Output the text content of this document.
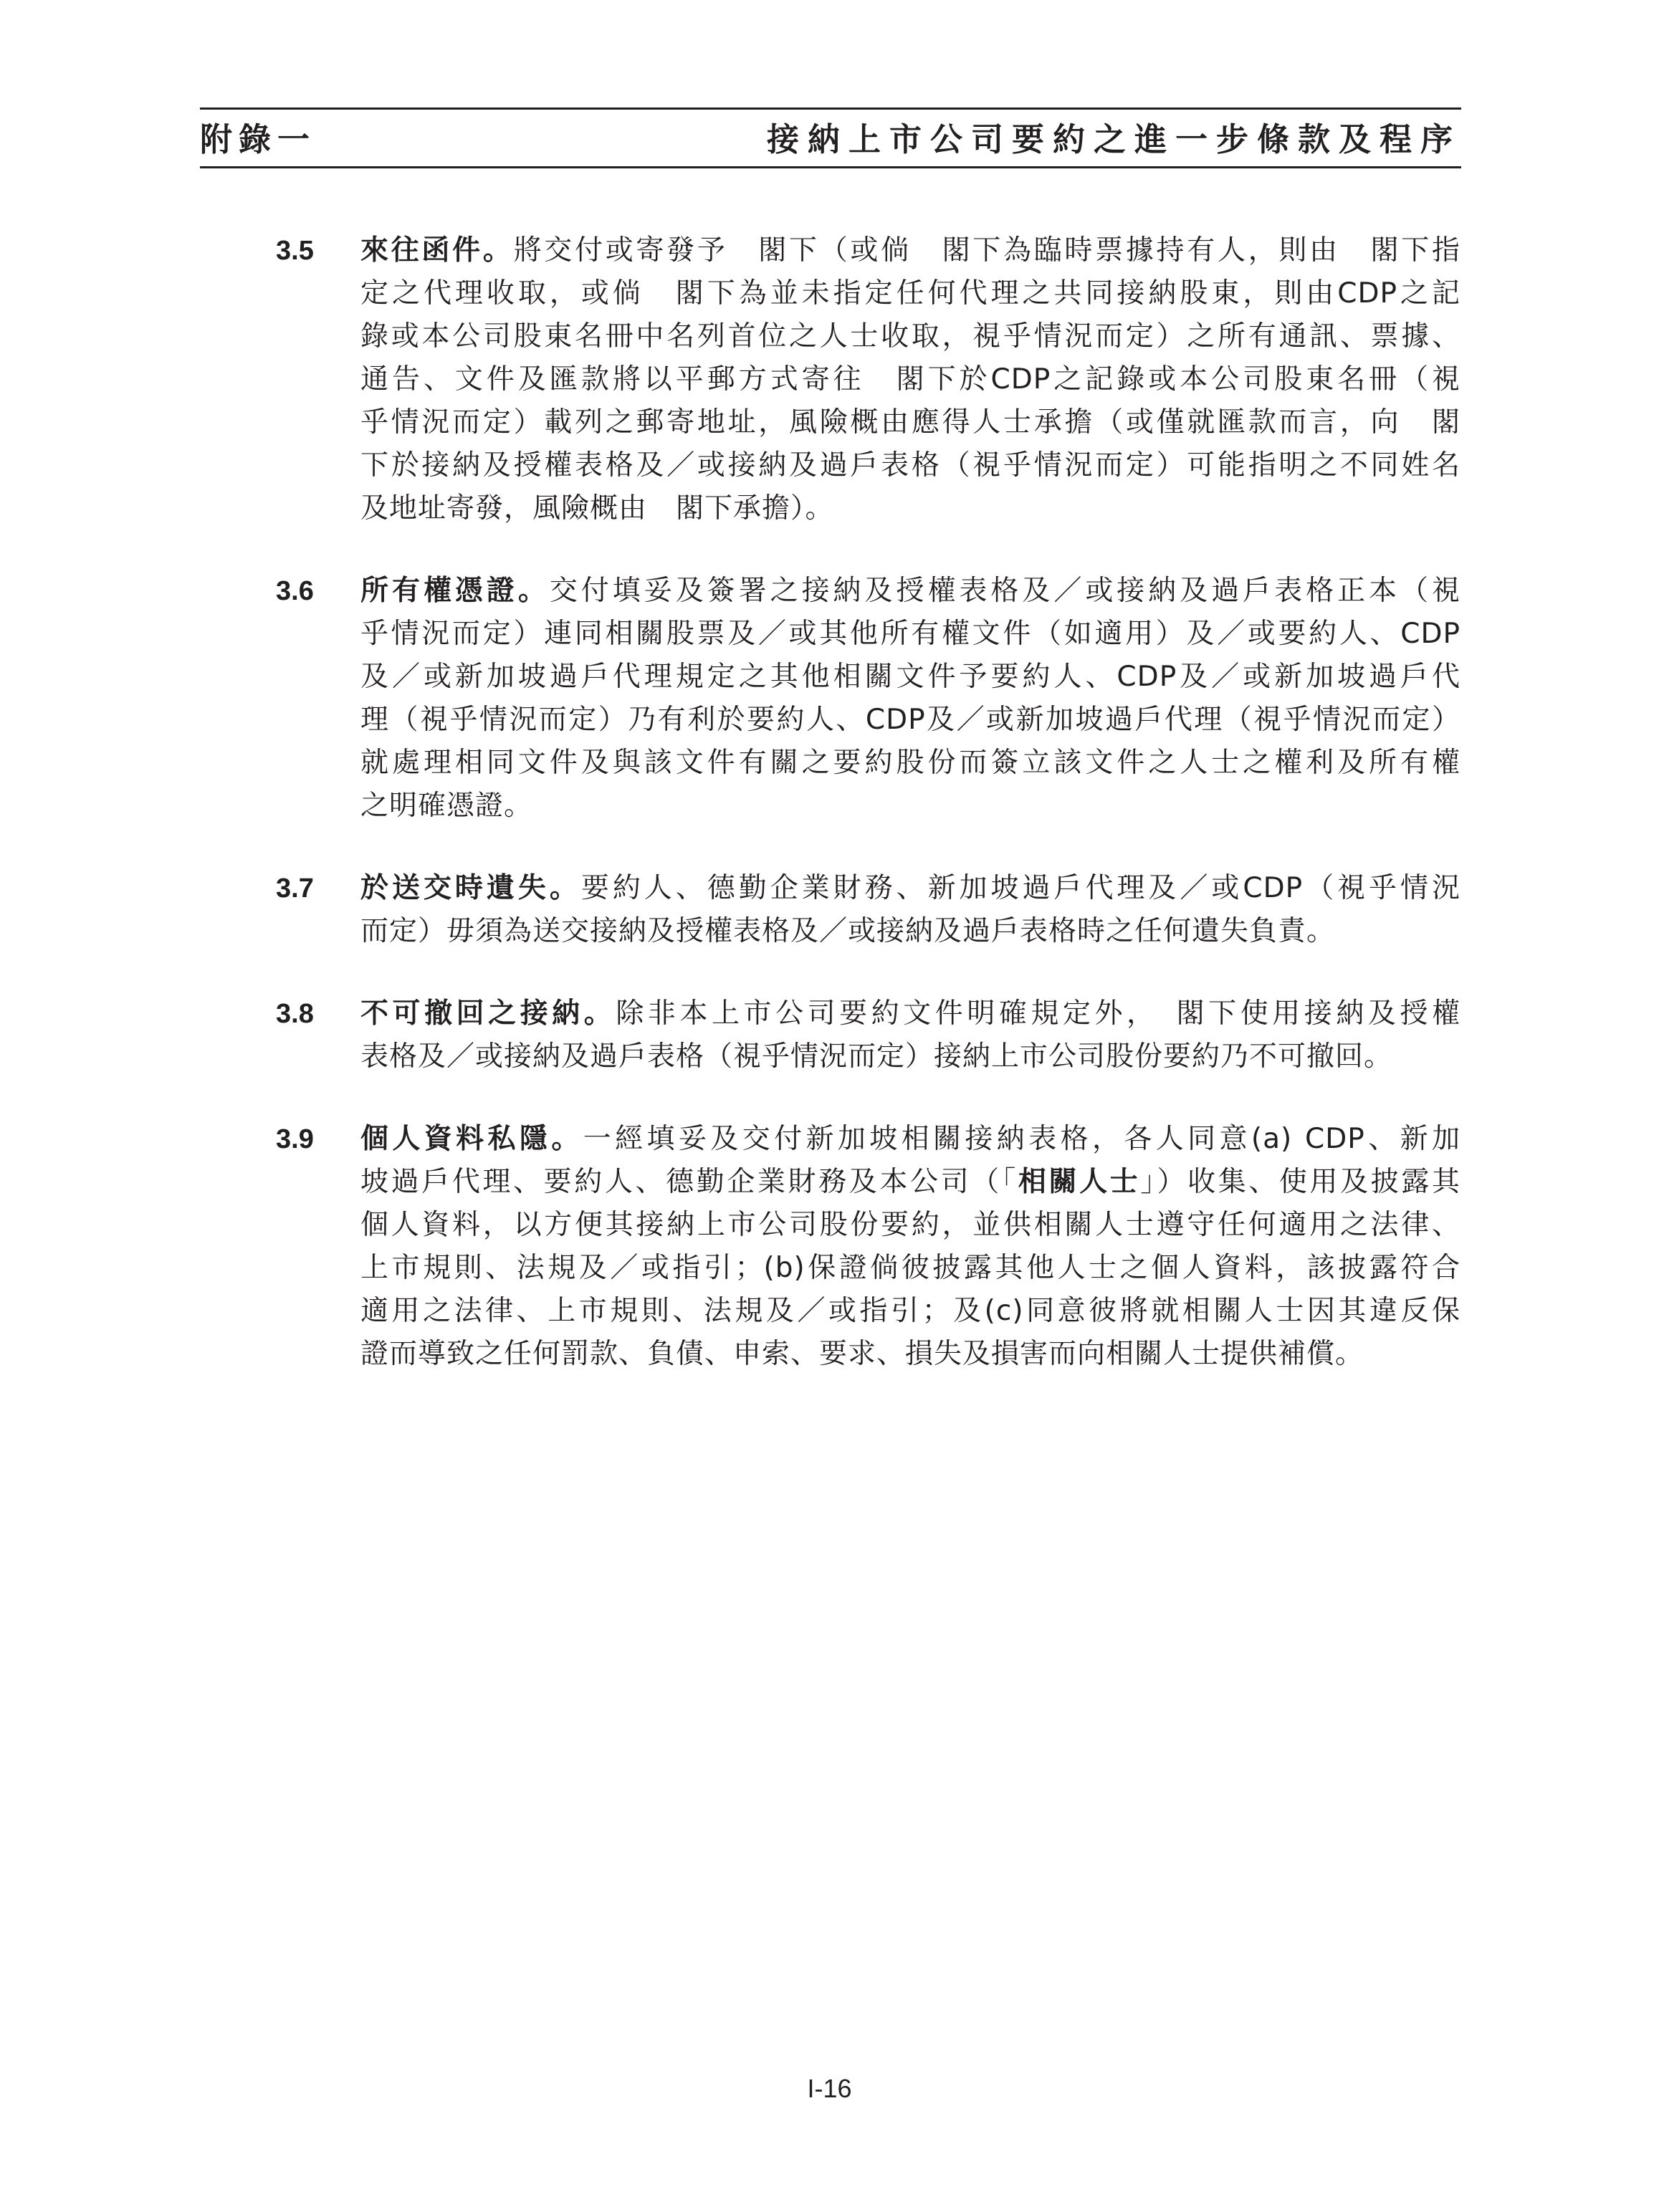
附錄一	接納上市公司要約之進一步條款及程序
3.5 來往函件。將交付或寄發予　閣下（或倘　閣下為臨時票據持有人，則由　閣下指
定之代理收取，或倘　閣下為並未指定任何代理之共同接納股東，則由CDP之記
錄或本公司股東名冊中名列首位之人士收取，視乎情況而定）之所有通訊、票據、
通告、文件及匯款將以平郵方式寄往　閣下於CDP之記錄或本公司股東名冊（視
乎情況而定）載列之郵寄地址，風險概由應得人士承擔（或僅就匯款而言，向　閣
下於接納及授權表格及／或接納及過戶表格（視乎情況而定）可能指明之不同姓名
及地址寄發，風險概由　閣下承擔）。
3.6 所有權憑證。交付填妥及簽署之接納及授權表格及／或接納及過戶表格正本（視
乎情況而定）連同相關股票及／或其他所有權文件（如適用）及／或要約人、CDP
及／或新加坡過戶代理規定之其他相關文件予要約人、CDP及／或新加坡過戶代
理（視乎情況而定）乃有利於要約人、CDP及／或新加坡過戶代理（視乎情況而定）
就處理相同文件及與該文件有關之要約股份而簽立該文件之人士之權利及所有權
之明確憑證。
3.7 於送交時遺失。要約人、德勤企業財務、新加坡過戶代理及／或CDP（視乎情況
而定）毋須為送交接納及授權表格及／或接納及過戶表格時之任何遺失負責。
3.8 不可撤回之接納。除非本上市公司要約文件明確規定外，　閣下使用接納及授權
表格及／或接納及過戶表格（視乎情況而定）接納上市公司股份要約乃不可撤回。
3.9 個人資料私隱。一經填妥及交付新加坡相關接納表格，各人同意(a) CDP、新加
坡過戶代理、要約人、德勤企業財務及本公司（「相關人士」）收集、使用及披露其
個人資料，以方便其接納上市公司股份要約，並供相關人士遵守任何適用之法律、
上市規則、法規及／或指引；(b)保證倘彼披露其他人士之個人資料，該披露符合
適用之法律、上市規則、法規及／或指引；及(c)同意彼將就相關人士因其違反保
證而導致之任何罰款、負債、申索、要求、損失及損害而向相關人士提供補償。
I-16
